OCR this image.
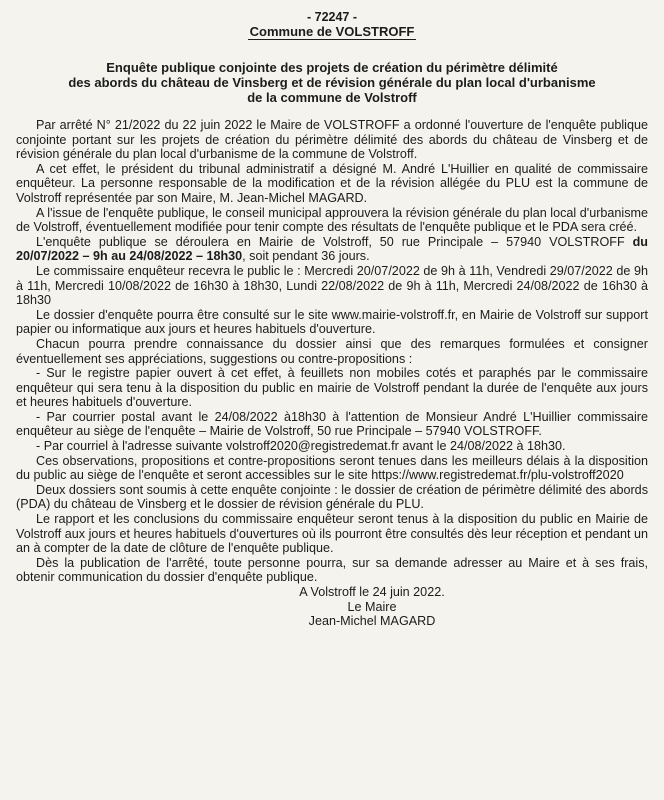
- 72247 -
Commune de VOLSTROFF
Enquête publique conjointe des projets de création du périmètre délimité
des abords du château de Vinsberg et de révision générale du plan local d'urbanisme
de la commune de Volstroff

Par arrêté N° 21/2022 du 22 juin 2022 le Maire de VOLSTROFF a ordonné l'ouverture de l'enquête publique conjointe portant sur les projets de création du périmètre délimité des abords du château de Vinsberg et de révision générale du plan local d'urbanisme de la commune de Volstroff.

A cet effet, le président du tribunal administratif a désigné M. André L'Huillier en qualité de commissaire enquêteur. La personne responsable de la modification et de la révision allégée du PLU est la commune de Volstroff représentée par son Maire, M. Jean-Michel MAGARD.

A l'issue de l'enquête publique, le conseil municipal approuvera la révision générale du plan local d'urbanisme de Volstroff, éventuellement modifiée pour tenir compte des résultats de l'enquête publique et le PDA sera créé.

L'enquête publique se déroulera en Mairie de Volstroff, 50 rue Principale – 57940 VOLSTROFF du 20/07/2022 – 9h au 24/08/2022 – 18h30, soit pendant 36 jours.

Le commissaire enquêteur recevra le public le : Mercredi 20/07/2022 de 9h à 11h, Vendredi 29/07/2022 de 9h à 11h, Mercredi 10/08/2022 de 16h30 à 18h30, Lundi 22/08/2022 de 9h à 11h, Mercredi 24/08/2022 de 16h30 à 18h30

Le dossier d'enquête pourra être consulté sur le site www.mairie-volstroff.fr, en Mairie de Volstroff sur support papier ou informatique aux jours et heures habituels d'ouverture.

Chacun pourra prendre connaissance du dossier ainsi que des remarques formulées et consigner éventuellement ses appréciations, suggestions ou contre-propositions :

- Sur le registre papier ouvert à cet effet, à feuillets non mobiles cotés et paraphés par le commissaire enquêteur qui sera tenu à la disposition du public en mairie de Volstroff pendant la durée de l'enquête aux jours et heures habituels d'ouverture.

- Par courrier postal avant le 24/08/2022 à18h30 à l'attention de Monsieur André L'Huillier commissaire enquêteur au siège de l'enquête – Mairie de Volstroff, 50 rue Principale – 57940 VOLSTROFF.

- Par courriel à l'adresse suivante volstroff2020@registredemat.fr avant le 24/08/2022 à 18h30.

Ces observations, propositions et contre-propositions seront tenues dans les meilleurs délais à la disposition du public au siège de l'enquête et seront accessibles sur le site https://www.registredemat.fr/plu-volstroff2020

Deux dossiers sont soumis à cette enquête conjointe : le dossier de création de périmètre délimité des abords (PDA) du château de Vinsberg et le dossier de révision générale du PLU.

Le rapport et les conclusions du commissaire enquêteur seront tenus à la disposition du public en Mairie de Volstroff aux jours et heures habituels d'ouvertures où ils pourront être consultés dès leur réception et pendant un an à compter de la date de clôture de l'enquête publique.

Dès la publication de l'arrêté, toute personne pourra, sur sa demande adresser au Maire et à ses frais, obtenir communication du dossier d'enquête publique.

A Volstroff le 24 juin 2022.
Le Maire
Jean-Michel MAGARD
